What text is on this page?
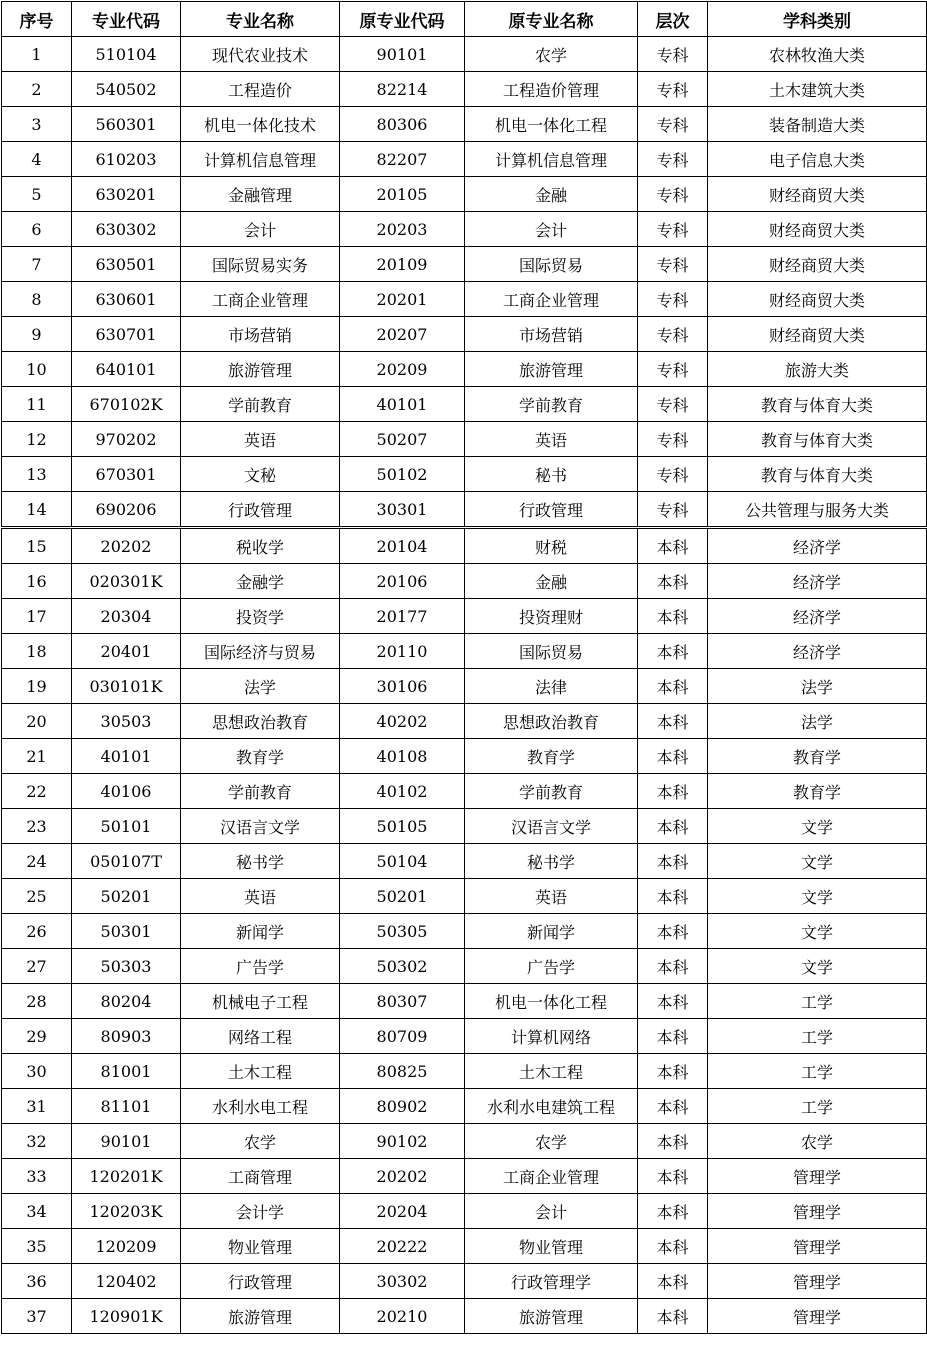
序号	专业代码	专业名称	原专业代码	原专业名称	层次	学科类别
1	510104	现代农业技术	90101	农学	专科	农林牧渔大类
2	540502	工程造价	82214	工程造价管理	专科	土木建筑大类
3	560301	机电一体化技术	80306	机电一体化工程	专科	装备制造大类
4	610203	计算机信息管理	82207	计算机信息管理	专科	电子信息大类
5	630201	金融管理	20105	金融	专科	财经商贸大类
6	630302	会计	20203	会计	专科	财经商贸大类
7	630501	国际贸易实务	20109	国际贸易	专科	财经商贸大类
8	630601	工商企业管理	20201	工商企业管理	专科	财经商贸大类
9	630701	市场营销	20207	市场营销	专科	财经商贸大类
10	640101	旅游管理	20209	旅游管理	专科	旅游大类
11	670102K	学前教育	40101	学前教育	专科	教育与体育大类
12	970202	英语	50207	英语	专科	教育与体育大类
13	670301	文秘	50102	秘书	专科	教育与体育大类
14	690206	行政管理	30301	行政管理	专科	公共管理与服务大类
15	20202	税收学	20104	财税	本科	经济学
16	020301K	金融学	20106	金融	本科	经济学
17	20304	投资学	20177	投资理财	本科	经济学
18	20401	国际经济与贸易	20110	国际贸易	本科	经济学
19	030101K	法学	30106	法律	本科	法学
20	30503	思想政治教育	40202	思想政治教育	本科	法学
21	40101	教育学	40108	教育学	本科	教育学
22	40106	学前教育	40102	学前教育	本科	教育学
23	50101	汉语言文学	50105	汉语言文学	本科	文学
24	050107T	秘书学	50104	秘书学	本科	文学
25	50201	英语	50201	英语	本科	文学
26	50301	新闻学	50305	新闻学	本科	文学
27	50303	广告学	50302	广告学	本科	文学
28	80204	机械电子工程	80307	机电一体化工程	本科	工学
29	80903	网络工程	80709	计算机网络	本科	工学
30	81001	土木工程	80825	土木工程	本科	工学
31	81101	水利水电工程	80902	水利水电建筑工程	本科	工学
32	90101	农学	90102	农学	本科	农学
33	120201K	工商管理	20202	工商企业管理	本科	管理学
34	120203K	会计学	20204	会计	本科	管理学
35	120209	物业管理	20222	物业管理	本科	管理学
36	120402	行政管理	30302	行政管理学	本科	管理学
37	120901K	旅游管理	20210	旅游管理	本科	管理学
